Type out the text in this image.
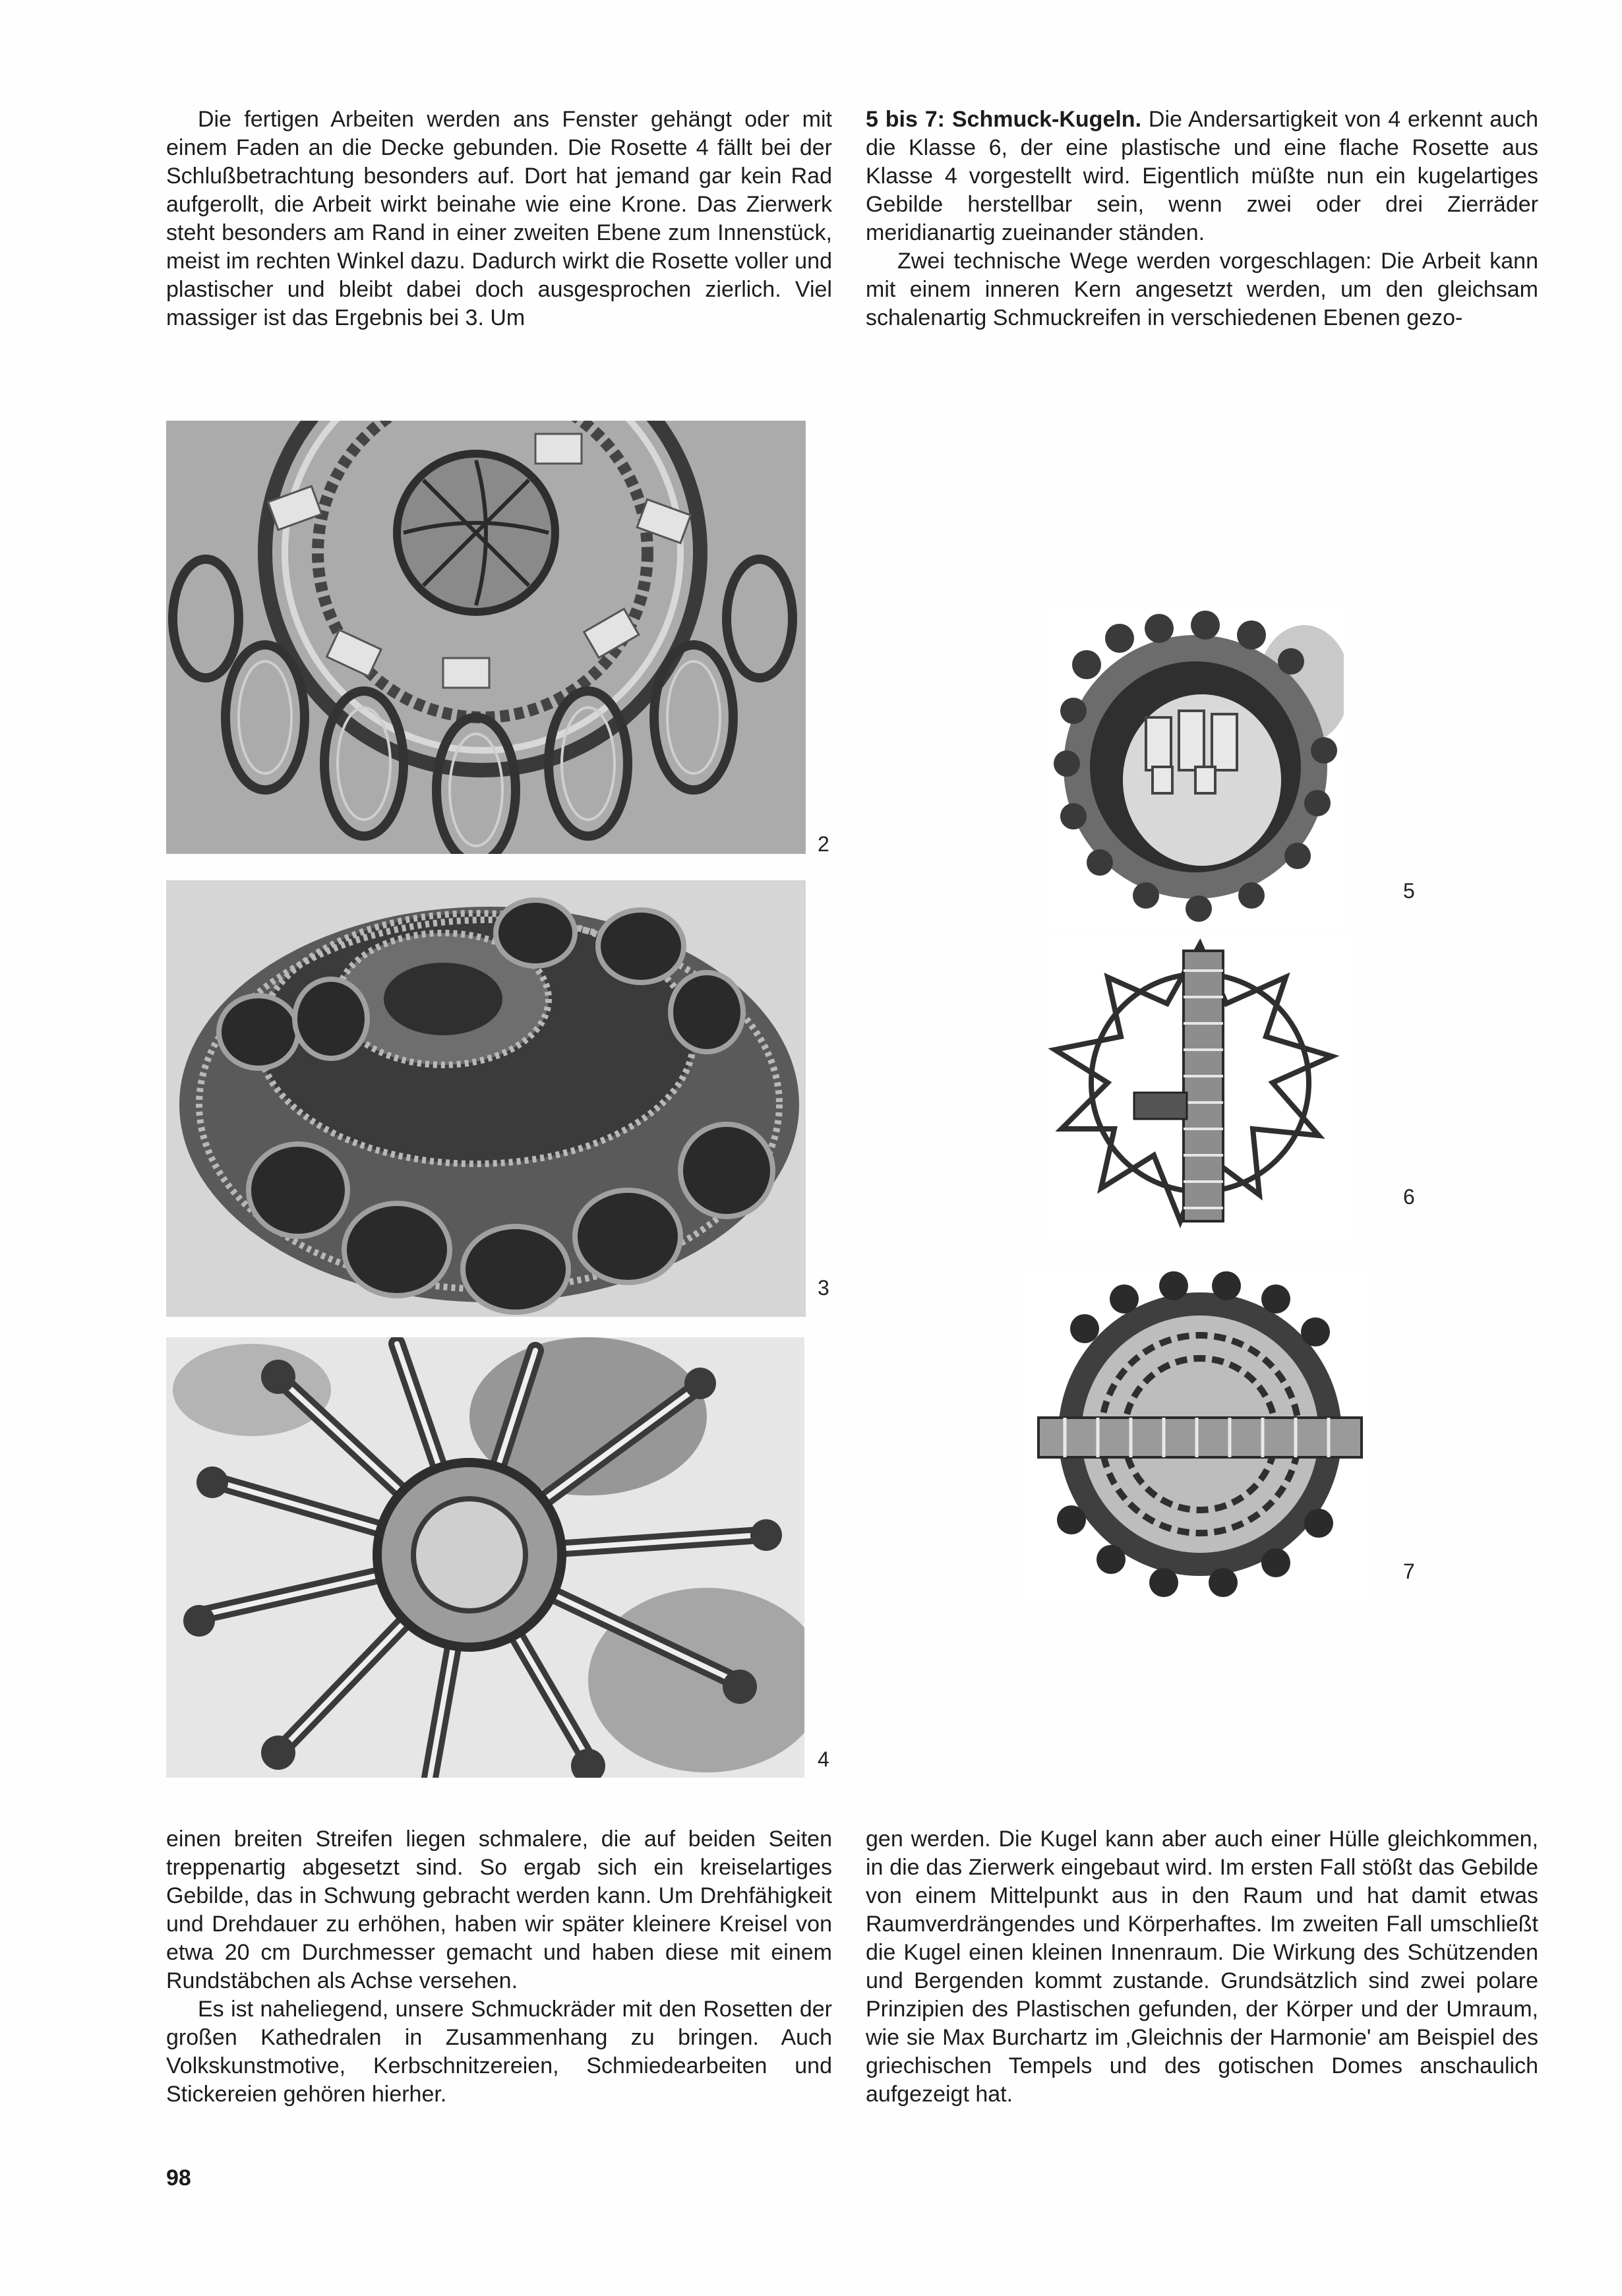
Die fertigen Arbeiten werden ans Fenster gehängt oder mit einem Faden an die Decke gebunden. Die Rosette 4 fällt bei der Schlußbetrachtung besonders auf. Dort hat jemand gar kein Rad aufgerollt, die Arbeit wirkt beinahe wie eine Krone. Das Zierwerk steht besonders am Rand in einer zweiten Ebene zum Innenstück, meist im rechten Winkel dazu. Dadurch wirkt die Rosette voller und plastischer und bleibt dabei doch ausgesprochen zierlich. Viel massiger ist das Ergebnis bei 3. Um

5 bis 7: Schmuck-Kugeln. Die Andersartigkeit von 4 erkennt auch die Klasse 6, der eine plastische und eine flache Rosette aus Klasse 4 vorgestellt wird. Eigentlich müßte nun ein kugelartiges Gebilde herstellbar sein, wenn zwei oder drei Zierräder meridianartig zueinander ständen.

Zwei technische Wege werden vorgeschlagen: Die Arbeit kann mit einem inneren Kern angesetzt werden, um den gleichsam schalenartig Schmuckreifen in verschiedenen Ebenen gezo-

2
3
4
5
6
7

einen breiten Streifen liegen schmalere, die auf beiden Seiten treppenartig abgesetzt sind. So ergab sich ein kreiselartiges Gebilde, das in Schwung gebracht werden kann. Um Drehfähigkeit und Drehdauer zu erhöhen, haben wir später kleinere Kreisel von etwa 20 cm Durchmesser gemacht und haben diese mit einem Rundstäbchen als Achse versehen.

Es ist naheliegend, unsere Schmuckräder mit den Rosetten der großen Kathedralen in Zusammenhang zu bringen. Auch Volkskunstmotive, Kerbschnitzereien, Schmiedearbeiten und Stickereien gehören hierher.

gen werden. Die Kugel kann aber auch einer Hülle gleichkommen, in die das Zierwerk eingebaut wird. Im ersten Fall stößt das Gebilde von einem Mittelpunkt aus in den Raum und hat damit etwas Raumverdrängendes und Körperhaftes. Im zweiten Fall umschließt die Kugel einen kleinen Innenraum. Die Wirkung des Schützenden und Bergenden kommt zustande. Grundsätzlich sind zwei polare Prinzipien des Plastischen gefunden, der Körper und der Umraum, wie sie Max Burchartz im ‚Gleichnis der Harmonie' am Beispiel des griechischen Tempels und des gotischen Domes anschaulich aufgezeigt hat.

98
